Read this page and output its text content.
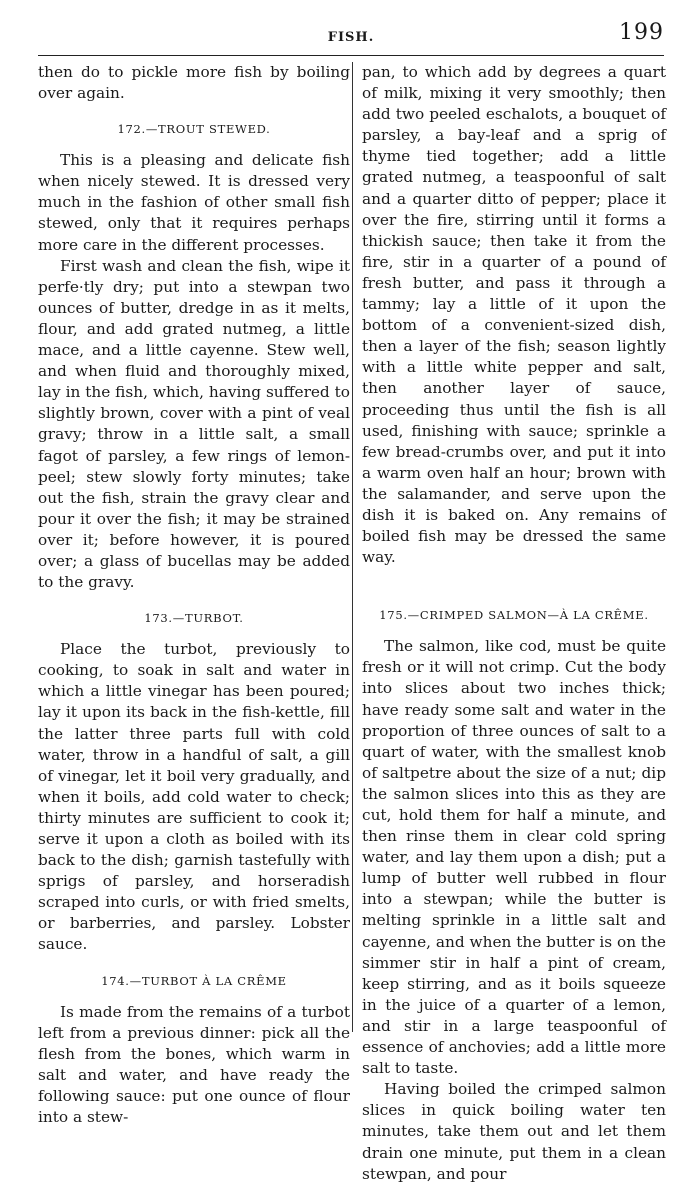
FISH.	199

then do to pickle more fish by boiling over again.

172.—TROUT STEWED.

This is a pleasing and delicate fish when nicely stewed. It is dressed very much in the fashion of other small fish stewed, only that it requires perhaps more care in the different processes.

First wash and clean the fish, wipe it perfe·tly dry; put into a stewpan two ounces of butter, dredge in as it melts, flour, and add grated nutmeg, a little mace, and a little cayenne. Stew well, and when fluid and thoroughly mixed, lay in the fish, which, having suffered to slightly brown, cover with a pint of veal gravy; throw in a little salt, a small fagot of parsley, a few rings of lemon-peel; stew slowly forty minutes; take out the fish, strain the gravy clear and pour it over the fish; it may be strained over it; before however, it is poured over; a glass of bucellas may be added to the gravy.

173.—TURBOT.

Place the turbot, previously to cooking, to soak in salt and water in which a little vinegar has been poured; lay it upon its back in the fish-kettle, fill the latter three parts full with cold water, throw in a handful of salt, a gill of vinegar, let it boil very gradually, and when it boils, add cold water to check; thirty minutes are sufficient to cook it; serve it upon a cloth as boiled with its back to the dish; garnish tastefully with sprigs of parsley, and horseradish scraped into curls, or with fried smelts, or barberries, and parsley. Lobster sauce.

174.—TURBOT À LA CRÊME

Is made from the remains of a turbot left from a previous dinner: pick all the flesh from the bones, which warm in salt and water, and have ready the following sauce: put one ounce of flour into a stew-

pan, to which add by degrees a quart of milk, mixing it very smoothly; then add two peeled eschalots, a bouquet of parsley, a bay-leaf and a sprig of thyme tied together; add a little grated nutmeg, a teaspoonful of salt and a quarter ditto of pepper; place it over the fire, stirring until it forms a thickish sauce; then take it from the fire, stir in a quarter of a pound of fresh butter, and pass it through a tammy; lay a little of it upon the bottom of a convenient-sized dish, then a layer of the fish; season lightly with a little white pepper and salt, then another layer of sauce, proceeding thus until the fish is all used, finishing with sauce; sprinkle a few bread-crumbs over, and put it into a warm oven half an hour; brown with the salamander, and serve upon the dish it is baked on. Any remains of boiled fish may be dressed the same way.

175.—CRIMPED SALMON—À LA CRÊME.

The salmon, like cod, must be quite fresh or it will not crimp. Cut the body into slices about two inches thick; have ready some salt and water in the proportion of three ounces of salt to a quart of water, with the smallest knob of saltpetre about the size of a nut; dip the salmon slices into this as they are cut, hold them for half a minute, and then rinse them in clear cold spring water, and lay them upon a dish; put a lump of butter well rubbed in flour into a stewpan; while the butter is melting sprinkle in a little salt and cayenne, and when the butter is on the simmer stir in half a pint of cream, keep stirring, and as it boils squeeze in the juice of a quarter of a lemon, and stir in a large teaspoonful of essence of anchovies; add a little more salt to taste.

Having boiled the crimped salmon slices in quick boiling water ten minutes, take them out and let them drain one minute, put them in a clean stewpan, and pour
